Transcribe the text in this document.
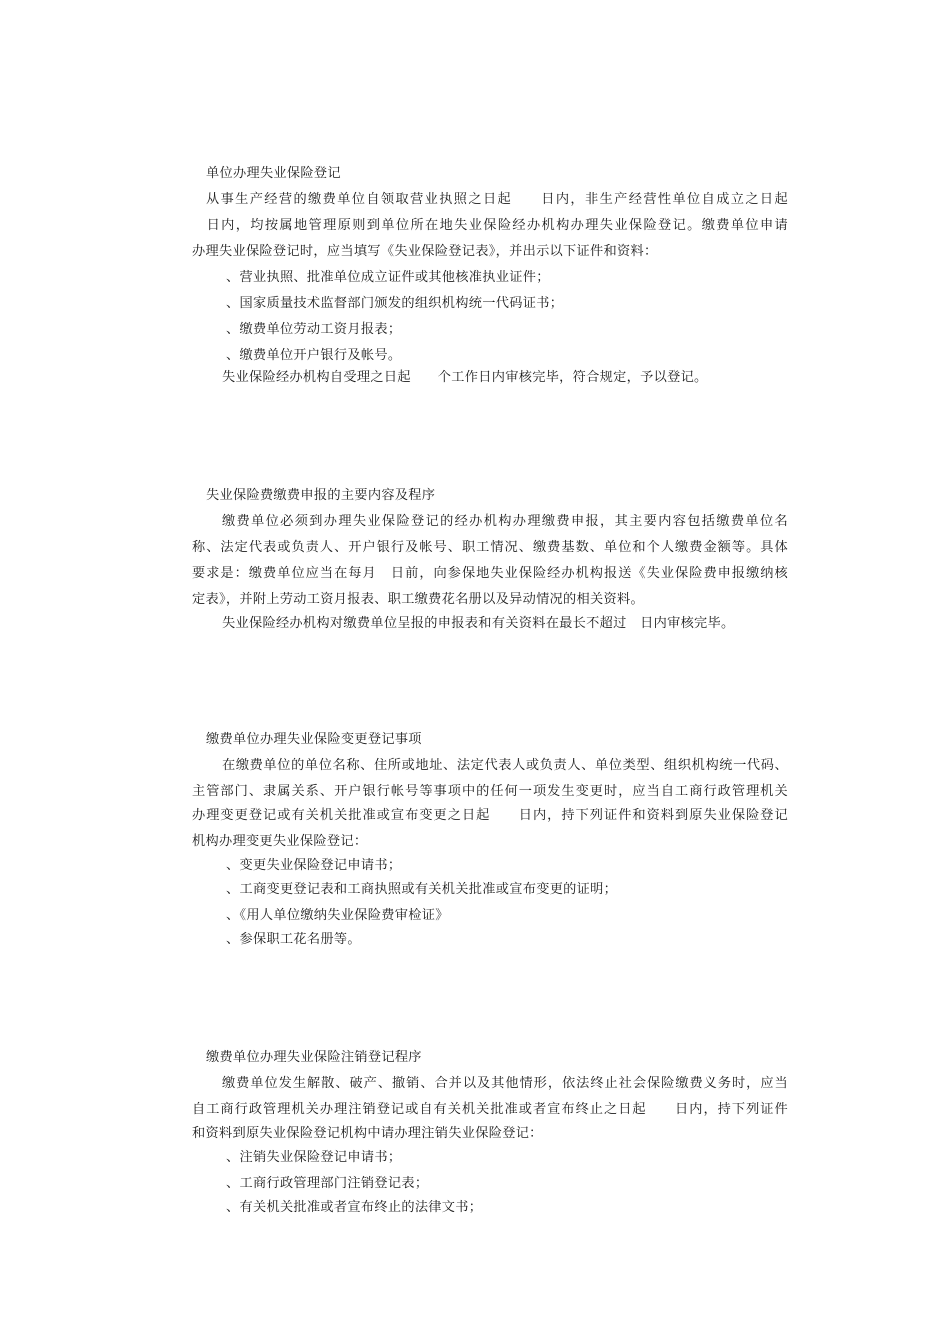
单位办理失业保险登记
从事生产经营的缴费单位自领取营业执照之日起　　日内，非生产经营性单位自成立之日起
　日内，均按属地管理原则到单位所在地失业保险经办机构办理失业保险登记。缴费单位申请
办理失业保险登记时，应当填写《失业保险登记表》，并出示以下证件和资料：
、营业执照、批准单位成立证件或其他核准执业证件；
、国家质量技术监督部门颁发的组织机构统一代码证书；
、缴费单位劳动工资月报表；
、缴费单位开户银行及帐号。
失业保险经办机构自受理之日起　　个工作日内审核完毕，符合规定，予以登记。
失业保险费缴费申报的主要内容及程序
缴费单位必须到办理失业保险登记的经办机构办理缴费申报，其主要内容包括缴费单位名
称、法定代表或负责人、开户银行及帐号、职工情况、缴费基数、单位和个人缴费金额等。具体
要求是：缴费单位应当在每月　日前，向参保地失业保险经办机构报送《失业保险费申报缴纳核
定表》，并附上劳动工资月报表、职工缴费花名册以及异动情况的相关资料。
失业保险经办机构对缴费单位呈报的申报表和有关资料在最长不超过　日内审核完毕。
缴费单位办理失业保险变更登记事项
在缴费单位的单位名称、住所或地址、法定代表人或负责人、单位类型、组织机构统一代码、
主管部门、隶属关系、开户银行帐号等事项中的任何一项发生变更时，应当自工商行政管理机关
办理变更登记或有关机关批准或宣布变更之日起　　日内，持下列证件和资料到原失业保险登记
机构办理变更失业保险登记：
、变更失业保险登记申请书；
、工商变更登记表和工商执照或有关机关批准或宣布变更的证明；
、《用人单位缴纳失业保险费审检证》
、参保职工花名册等。
缴费单位办理失业保险注销登记程序
缴费单位发生解散、破产、撤销、合并以及其他情形，依法终止社会保险缴费义务时，应当
自工商行政管理机关办理注销登记或自有关机关批准或者宣布终止之日起　　日内，持下列证件
和资料到原失业保险登记机构中请办理注销失业保险登记：
、注销失业保险登记申请书；
、工商行政管理部门注销登记表；
、有关机关批准或者宣布终止的法律文书；
